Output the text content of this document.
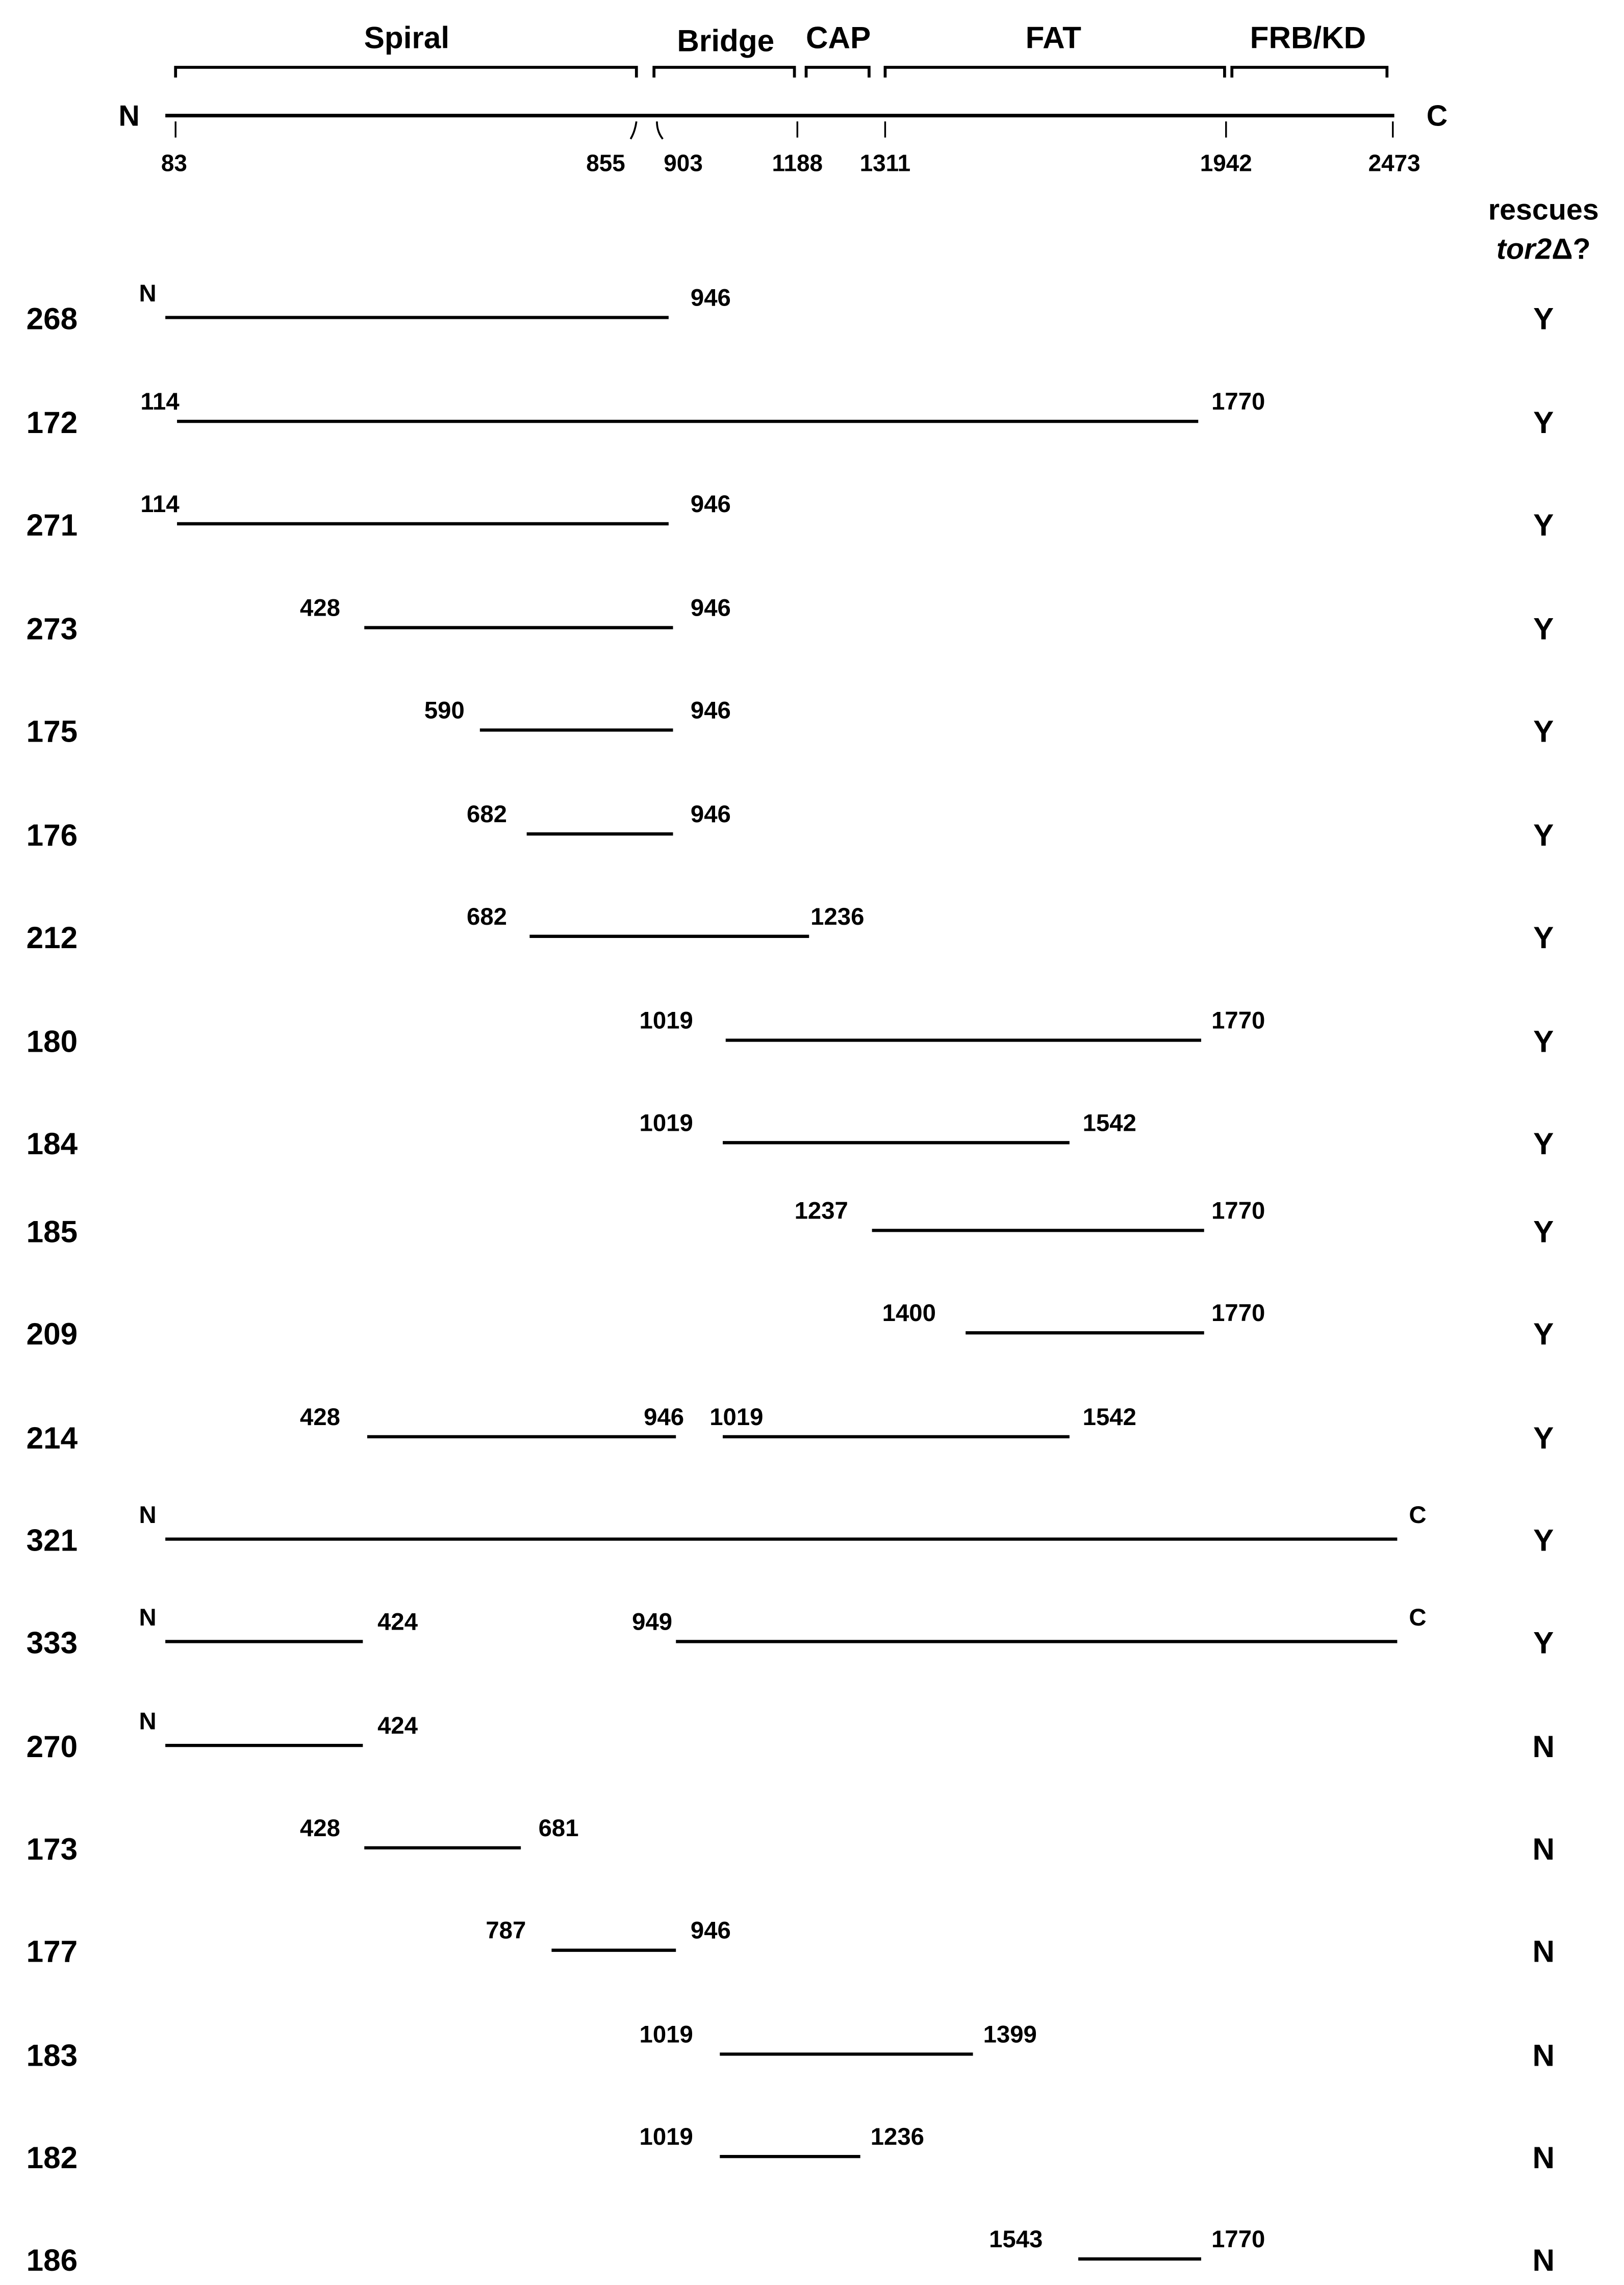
Spiral	Bridge	CAP	FAT	FRB/KD
N	C
83	855	903	1188	1311	1942	2473
rescues
tor2Δ?
268
N	946
Y
172
114	1770
Y
271
114	946
Y
273
428	946
Y
175
590	946
Y
176
682	946
Y
212
682	1236
Y
180
1019	1770
Y
184
1019	1542
Y
185
1237	1770
Y
209
1400	1770
Y
214
428	946	1019	1542
Y
321
N	C
Y
333
N	424	949	C
Y
270
N	424
N
173
428	681
N
177
787	946
N
183
1019	1399
N
182
1019	1236
N
186
1543	1770
N
